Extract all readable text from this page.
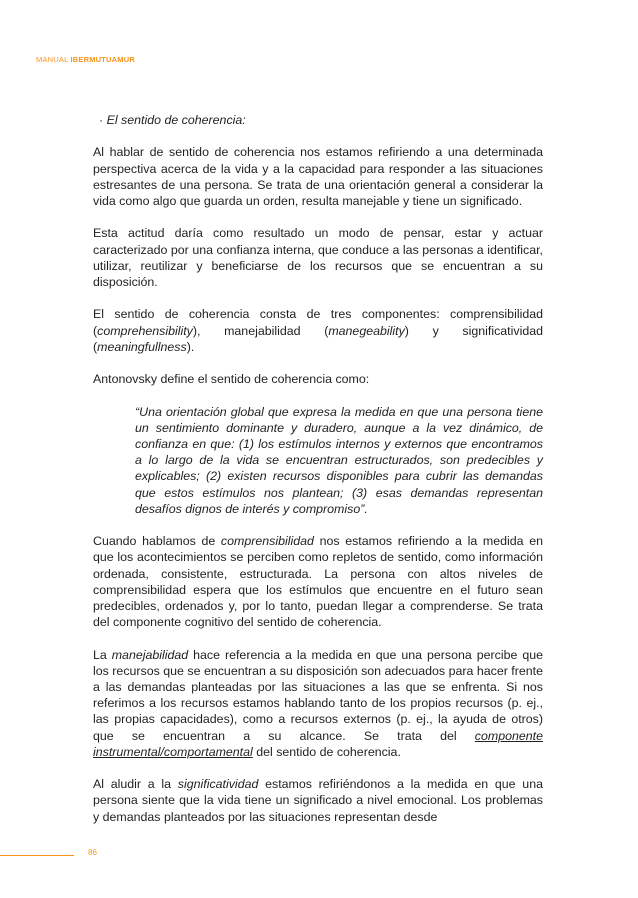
MANUAL IBERMUTUAMUR

· El sentido de coherencia:

Al hablar de sentido de coherencia nos estamos refiriendo a una determinada perspectiva acerca de la vida y a la capacidad para responder a las situaciones estresantes de una persona. Se trata de una orientación general a considerar la vida como algo que guarda un orden, resulta manejable y tiene un significado.

Esta actitud daría como resultado un modo de pensar, estar y actuar caracterizado por una confianza interna, que conduce a las personas a identificar, utilizar, reutilizar y beneficiarse de los recursos que se encuentran a su disposición.

El sentido de coherencia consta de tres componentes: comprensibilidad (comprehensibility), manejabilidad (manegeability) y significatividad (meaningfullness).

Antonovsky define el sentido de coherencia como:

“Una orientación global que expresa la medida en que una persona tiene un sentimiento dominante y duradero, aunque a la vez dinámico, de confianza en que: (1) los estímulos internos y externos que encontramos a lo largo de la vida se encuentran estructurados, son predecibles y explicables; (2) existen recursos disponibles para cubrir las demandas que estos estímulos nos plantean; (3) esas demandas representan desafíos dignos de interés y compromiso”.

Cuando hablamos de comprensibilidad nos estamos refiriendo a la medida en que los acontecimientos se perciben como repletos de sentido, como información ordenada, consistente, estructurada. La persona con altos niveles de comprensibilidad espera que los estímulos que encuentre en el futuro sean predecibles, ordenados y, por lo tanto, puedan llegar a comprenderse. Se trata del componente cognitivo del sentido de coherencia.

La manejabilidad hace referencia a la medida en que una persona percibe que los recursos que se encuentran a su disposición son adecuados para hacer frente a las demandas planteadas por las situaciones a las que se enfrenta. Si nos referimos a los recursos estamos hablando tanto de los propios recursos (p. ej., las propias capacidades), como a recursos externos (p. ej., la ayuda de otros) que se encuentran a su alcance. Se trata del componente instrumental/comportamental del sentido de coherencia.

Al aludir a la significatividad estamos refiriéndonos a la medida en que una persona siente que la vida tiene un significado a nivel emocional. Los problemas y demandas planteados por las situaciones representan desde

86
